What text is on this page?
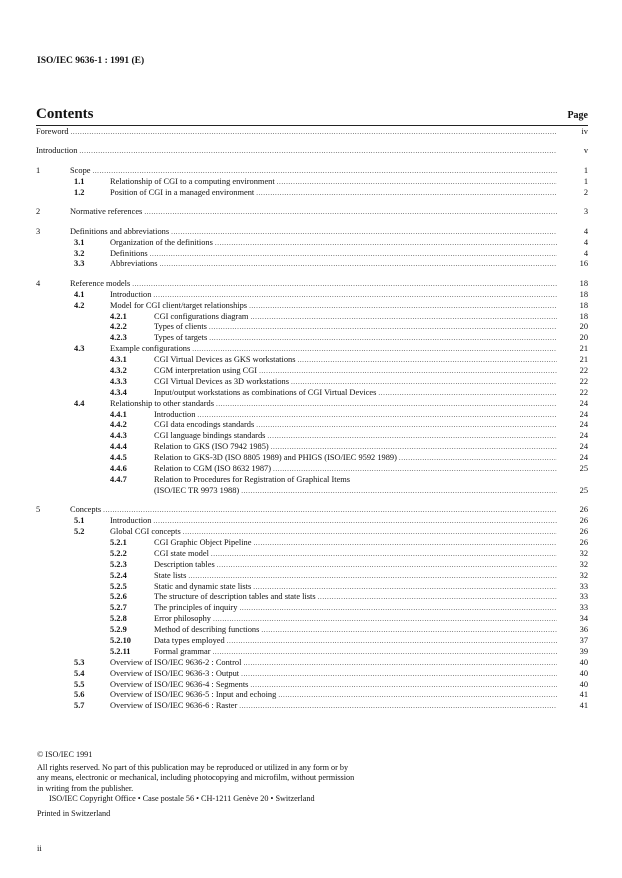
ISO/IEC 9636-1 : 1991 (E)
Contents	Page
Foreword .....	iv
Introduction .....	v
1	Scope .....	1
1.1	Relationship of CGI to a computing environment .....	1
1.2	Position of CGI in a managed environment .....	2
2	Normative references .....	3
3	Definitions and abbreviations .....	4
3.1	Organization of the definitions .....	4
3.2	Definitions .....	4
3.3	Abbreviations .....	16
4	Reference models .....	18
4.1	Introduction .....	18
4.2	Model for CGI client/target relationships .....	18
4.2.1	CGI configurations diagram .....	18
4.2.2	Types of clients .....	20
4.2.3	Types of targets .....	20
4.3	Example configurations .....	21
4.3.1	CGI Virtual Devices as GKS workstations .....	21
4.3.2	CGM interpretation using CGI .....	22
4.3.3	CGI Virtual Devices as 3D workstations .....	22
4.3.4	Input/output workstations as combinations of CGI Virtual Devices .....	22
4.4	Relationship to other standards .....	24
4.4.1	Introduction .....	24
4.4.2	CGI data encodings standards .....	24
4.4.3	CGI language bindings standards .....	24
4.4.4	Relation to GKS (ISO 7942 1985) .....	24
4.4.5	Relation to GKS-3D (ISO 8805 1989) and PHIGS (ISO/IEC 9592 1989) .....	24
4.4.6	Relation to CGM (ISO 8632 1987) .....	25
4.4.7	Relation to Procedures for Registration of Graphical Items
(ISO/IEC TR 9973 1988) .....	25
5	Concepts .....	26
5.1	Introduction .....	26
5.2	Global CGI concepts .....	26
5.2.1	CGI Graphic Object Pipeline .....	26
5.2.2	CGI state model .....	32
5.2.3	Description tables .....	32
5.2.4	State lists .....	32
5.2.5	Static and dynamic state lists .....	33
5.2.6	The structure of description tables and state lists .....	33
5.2.7	The principles of inquiry .....	33
5.2.8	Error philosophy .....	34
5.2.9	Method of describing functions .....	36
5.2.10	Data types employed .....	37
5.2.11	Formal grammar .....	39
5.3	Overview of ISO/IEC 9636-2 : Control .....	40
5.4	Overview of ISO/IEC 9636-3 : Output .....	40
5.5	Overview of ISO/IEC 9636-4 : Segments .....	40
5.6	Overview of ISO/IEC 9636-5 : Input and echoing .....	41
5.7	Overview of ISO/IEC 9636-6 : Raster .....	41
© ISO/IEC 1991
All rights reserved. No part of this publication may be reproduced or utilized in any form or by
any means, electronic or mechanical, including photocopying and microfilm, without permission
in writing from the publisher.
ISO/IEC Copyright Office • Case postale 56 • CH-1211 Genève 20 • Switzerland
Printed in Switzerland
ii
